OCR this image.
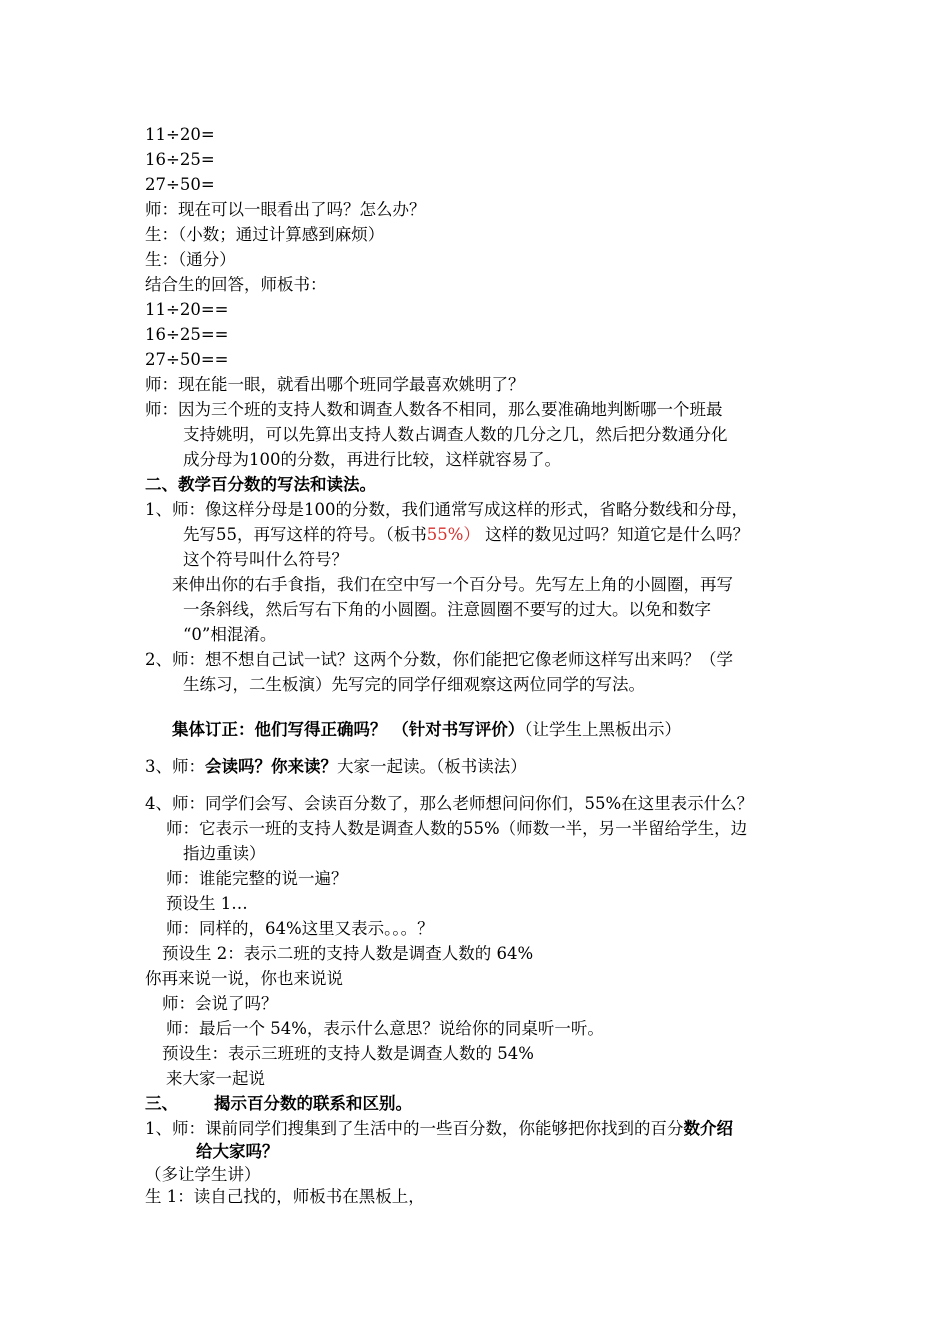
11÷20=
16÷25=
27÷50=
师：现在可以一眼看出了吗？怎么办？
生：（小数；通过计算感到麻烦）
生：（通分）
结合生的回答，师板书：
11÷20==
16÷25==
27÷50==
师：现在能一眼，就看出哪个班同学最喜欢姚明了？
师：因为三个班的支持人数和调查人数各不相同，那么要准确地判断哪一个班最
支持姚明，可以先算出支持人数占调查人数的几分之几，然后把分数通分化
成分母为100的分数，再进行比较，这样就容易了。
二、教学百分数的写法和读法。
1、师：像这样分母是100的分数，我们通常写成这样的形式，省略分数线和分母，
先写55，再写这样的符号。（板书55%） 这样的数见过吗？知道它是什么吗？
这个符号叫什么符号？
来伸出你的右手食指，我们在空中写一个百分号。先写左上角的小圆圈，再写
一条斜线，然后写右下角的小圆圈。注意圆圈不要写的过大。以免和数字
“0”相混淆。
2、师：想不想自己试一试？这两个分数，你们能把它像老师这样写出来吗？（学
生练习，二生板演）先写完的同学仔细观察这两位同学的写法。
集体订正：他们写得正确吗？ （针对书写评价）（让学生上黑板出示）
3、师：会读吗？你来读？大家一起读。（板书读法）
4、师：同学们会写、会读百分数了，那么老师想问问你们，55%在这里表示什么？
师：它表示一班的支持人数是调查人数的55%（师数一半，另一半留给学生，边
指边重读）
师：谁能完整的说一遍？
预设生 1…
师：同样的，64%这里又表示。。。？
预设生 2：表示二班的支持人数是调查人数的 64%
你再来说一说，你也来说说
师：会说了吗？
师：最后一个 54%，表示什么意思？说给你的同桌听一听。
预设生：表示三班班的支持人数是调查人数的 54%
来大家一起说
三、 揭示百分数的联系和区别。
1、师：课前同学们搜集到了生活中的一些百分数，你能够把你找到的百分数介绍
给大家吗？
（多让学生讲）
生 1：读自己找的，师板书在黑板上，
